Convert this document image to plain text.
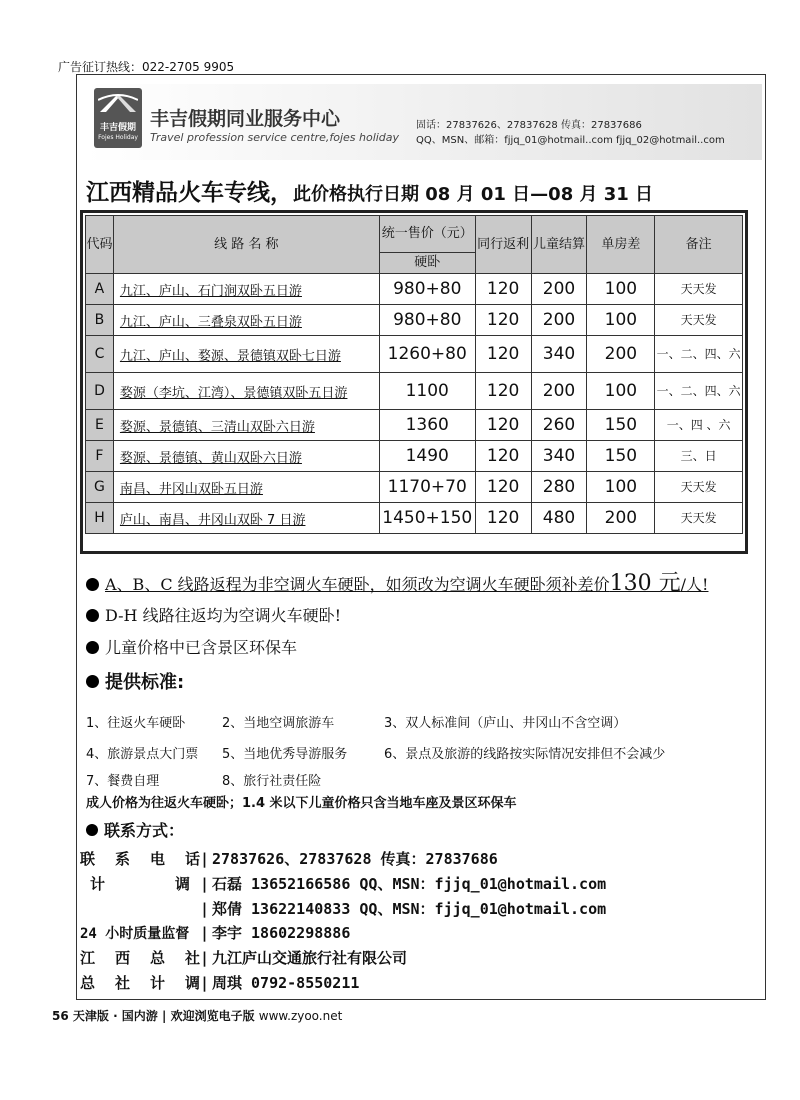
广告征订热线：022-2705 9905
丰吉假期
Fojes Holiday
丰吉假期同业服务中心
Travel profession service centre,fojes holiday
固话：27837626、27837628 传真：27837686
QQ、MSN、邮箱：fjjq_01@hotmail..com fjjq_02@hotmail..com
江西精品火车专线，此价格执行日期 08 月 01 日—08 月 31 日
代码	线 路 名 称	统一售价（元）	同行返利	儿童结算	单房差	备注
		硬卧				
A	九江、庐山、石门涧双卧五日游	980+80	120	200	100	天天发
B	九江、庐山、三叠泉双卧五日游	980+80	120	200	100	天天发
C	九江、庐山、婺源、景德镇双卧七日游	1260+80	120	340	200	一、二、四、六
D	婺源（李坑、江湾）、景德镇双卧五日游	1100	120	200	100	一、二、四、六
E	婺源、景德镇、三清山双卧六日游	1360	120	260	150	一、四 、六
F	婺源、景德镇、黄山双卧六日游	1490	120	340	150	三、日
G	南昌、井冈山双卧五日游	1170+70	120	280	100	天天发
H	庐山、南昌、井冈山双卧 7 日游	1450+150	120	480	200	天天发
A、B、C 线路返程为非空调火车硬卧，如须改为空调火车硬卧须补差价130 元/人!
D-H 线路往返均为空调火车硬卧!
儿童价格中已含景区环保车
提供标准:
1、往返火车硬卧	2、当地空调旅游车	3、双人标准间（庐山、井冈山不含空调）
4、旅游景点大门票 5、当地优秀导游服务	6、景点及旅游的线路按实际情况安排但不会减少
7、餐费自理	8、旅行社责任险
成人价格为往返火车硬卧；1.4 米以下儿童价格只含当地车座及景区环保车
联系方式：
联系电话| 27837626、27837628 传真：27837686
计调 | 石磊 13652166586 QQ、MSN：fjjq_01@hotmail.com
| 郑倩 13622140833 QQ、MSN：fjjq_01@hotmail.com
24 小时质量监督 | 李宇 18602298886
江西总社| 九江庐山交通旅行社有限公司
总社计调| 周琪 0792-8550211
56 天津版 · 国内游 | 欢迎浏览电子版 www.zyoo.net
